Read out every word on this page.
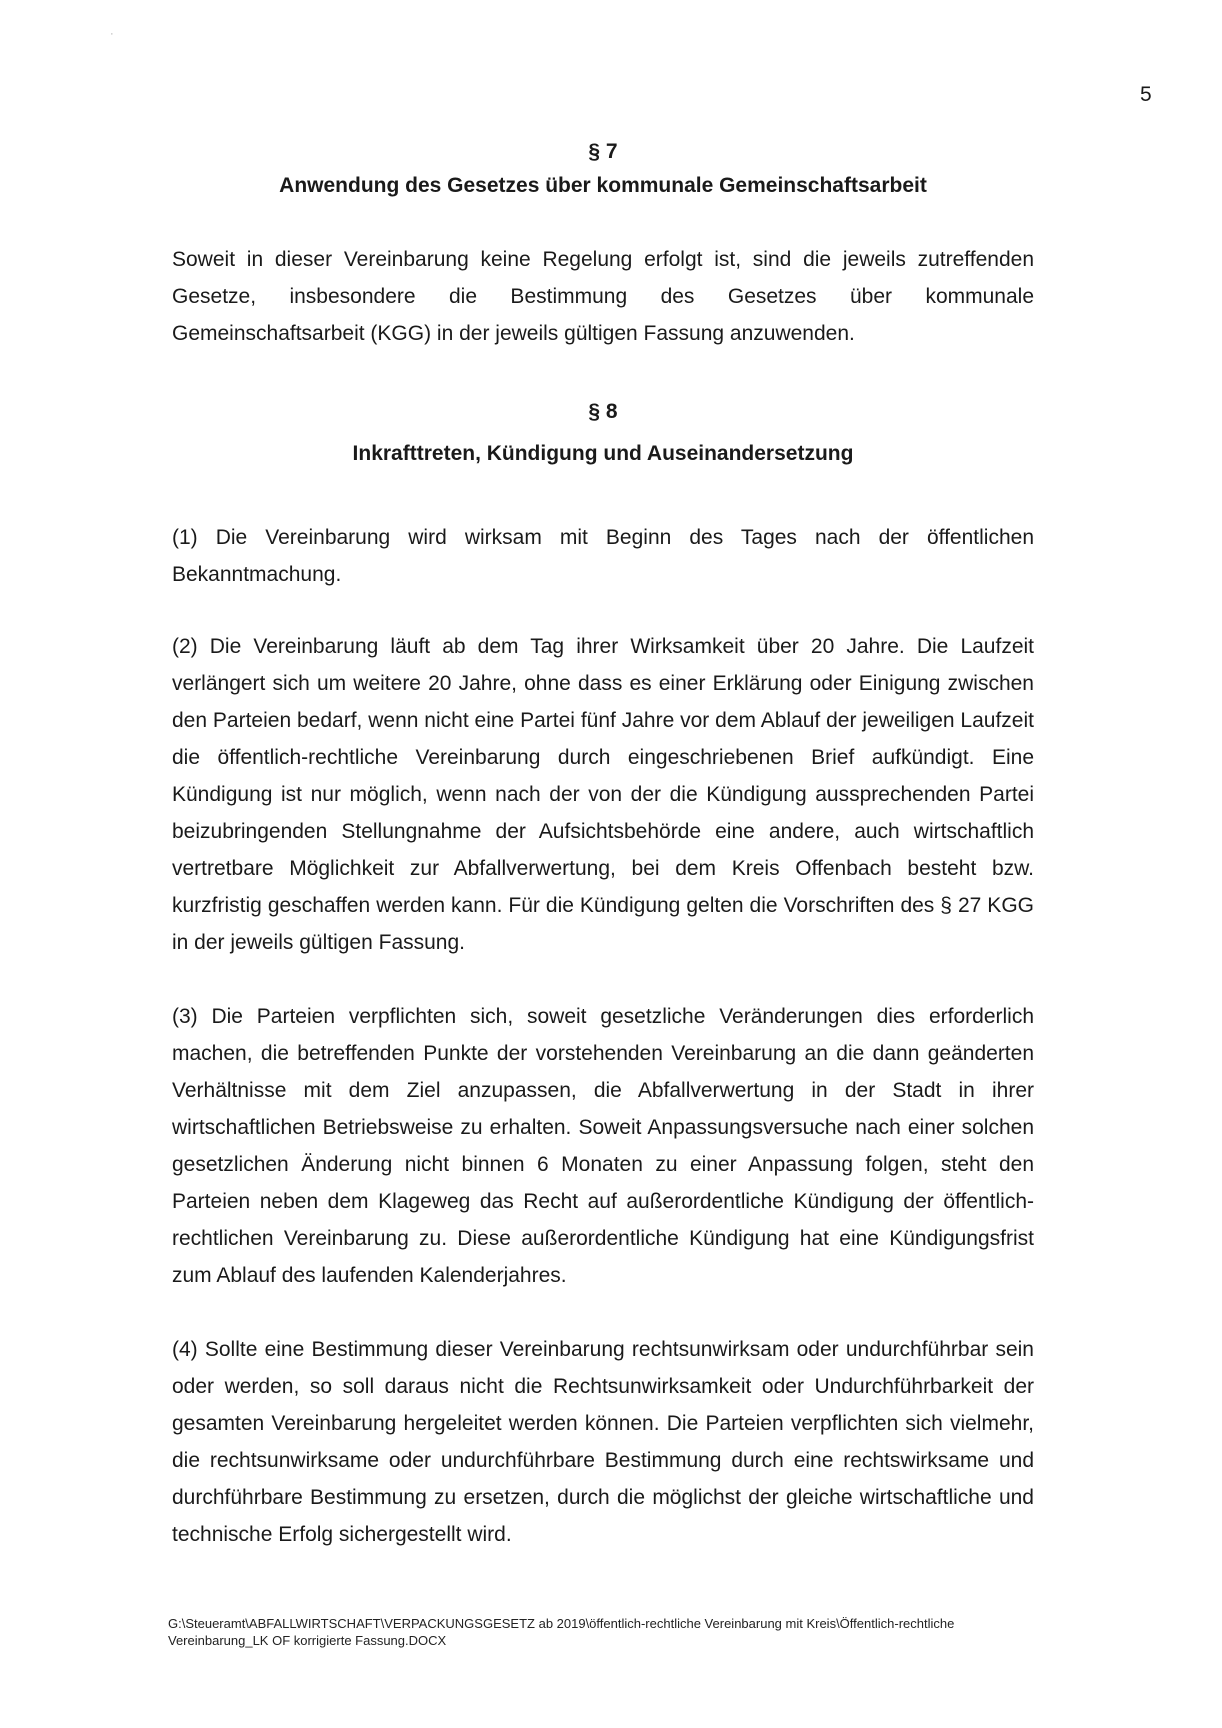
·
5
§ 7
Anwendung des Gesetzes über kommunale Gemeinschaftsarbeit

Soweit in dieser Vereinbarung keine Regelung erfolgt ist, sind die jeweils zutreffenden Gesetze, insbesondere die Bestimmung des Gesetzes über kommunale Gemeinschaftsarbeit (KGG) in der jeweils gültigen Fassung anzuwenden.

§ 8
Inkrafttreten, Kündigung und Auseinandersetzung

(1) Die Vereinbarung wird wirksam mit Beginn des Tages nach der öffentlichen Bekanntmachung.

(2) Die Vereinbarung läuft ab dem Tag ihrer Wirksamkeit über 20 Jahre. Die Laufzeit verlängert sich um weitere 20 Jahre, ohne dass es einer Erklärung oder Einigung zwischen den Parteien bedarf, wenn nicht eine Partei fünf Jahre vor dem Ablauf der jeweiligen Laufzeit die öffentlich-rechtliche Vereinbarung durch eingeschriebenen Brief aufkündigt. Eine Kündigung ist nur möglich, wenn nach der von der die Kündigung aussprechenden Partei beizubringenden Stellungnahme der Aufsichtsbehörde eine andere, auch wirtschaftlich vertretbare Möglichkeit zur Abfallverwertung, bei dem Kreis Offenbach besteht bzw. kurzfristig geschaffen werden kann. Für die Kündigung gelten die Vorschriften des § 27 KGG in der jeweils gültigen Fassung.

(3) Die Parteien verpflichten sich, soweit gesetzliche Veränderungen dies erforderlich machen, die betreffenden Punkte der vorstehenden Vereinbarung an die dann geänderten Verhältnisse mit dem Ziel anzupassen, die Abfallverwertung in der Stadt in ihrer wirtschaftlichen Betriebsweise zu erhalten. Soweit Anpassungsversuche nach einer solchen gesetzlichen Änderung nicht binnen 6 Monaten zu einer Anpassung folgen, steht den Parteien neben dem Klageweg das Recht auf außerordentliche Kündigung der öffentlich-rechtlichen Vereinbarung zu. Diese außerordentliche Kündigung hat eine Kündigungsfrist zum Ablauf des laufenden Kalenderjahres.

(4) Sollte eine Bestimmung dieser Vereinbarung rechtsunwirksam oder undurchführbar sein oder werden, so soll daraus nicht die Rechtsunwirksamkeit oder Undurchführbarkeit der gesamten Vereinbarung hergeleitet werden können. Die Parteien verpflichten sich vielmehr, die rechtsunwirksame oder undurchführbare Bestimmung durch eine rechtswirksame und durchführbare Bestimmung zu ersetzen, durch die möglichst der gleiche wirtschaftliche und technische Erfolg sichergestellt wird.

G:\Steueramt\ABFALLWIRTSCHAFT\VERPACKUNGSGESETZ ab 2019\öffentlich-rechtliche Vereinbarung mit Kreis\Öffentlich-rechtliche Vereinbarung_LK OF korrigierte Fassung.DOCX
